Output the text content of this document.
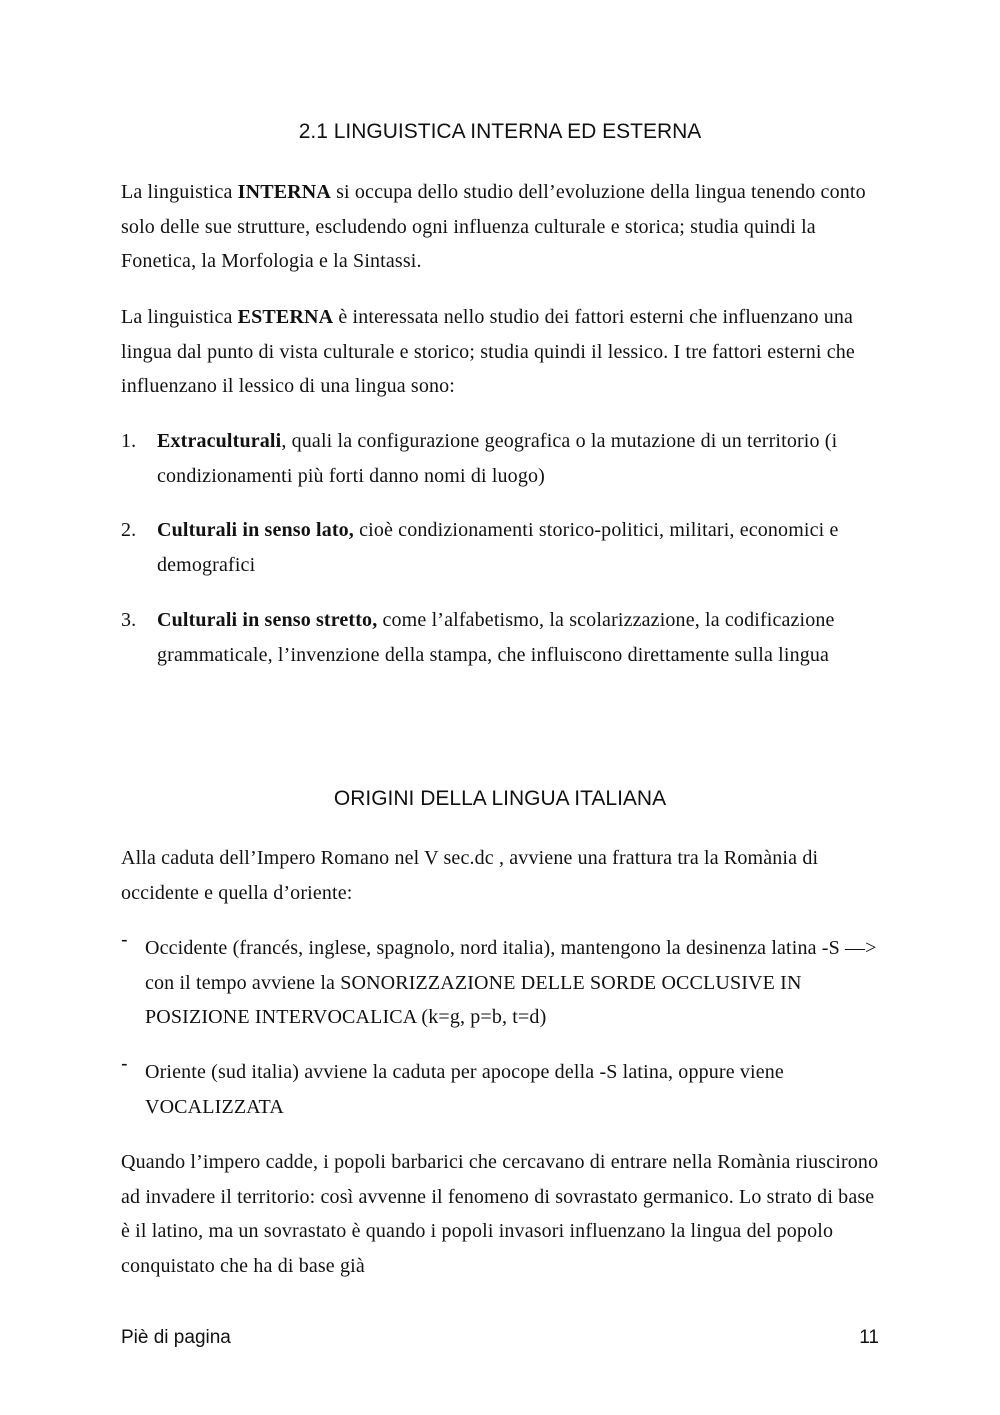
2.1 LINGUISTICA INTERNA ED ESTERNA

La linguistica INTERNA si occupa dello studio dell’evoluzione della lingua tenendo conto solo delle sue strutture, escludendo ogni influenza culturale e storica; studia quindi la Fonetica, la Morfologia e la Sintassi.

La linguistica ESTERNA è interessata nello studio dei fattori esterni che influenzano una lingua dal punto di vista culturale e storico; studia quindi il lessico. I tre fattori esterni che influenzano il lessico di una lingua sono:

1.	Extraculturali, quali la configurazione geografica o la mutazione di un territorio (i condizionamenti più forti danno nomi di luogo)
2.	Culturali in senso lato, cioè condizionamenti storico-politici, militari, economici e demografici
3.	Culturali in senso stretto, come l’alfabetismo, la scolarizzazione, la codificazione grammaticale, l’invenzione della stampa, che influiscono direttamente sulla lingua
ORIGINI DELLA LINGUA ITALIANA

Alla caduta dell’Impero Romano nel V sec.dc , avviene una frattura tra la Romània di occidente e quella d’oriente:

- Occidente (francés, inglese, spagnolo, nord italia), mantengono la desinenza latina -S —> con il tempo avviene la SONORIZZAZIONE DELLE SORDE OCCLUSIVE IN POSIZIONE INTERVOCALICA (k=g, p=b, t=d)
- Oriente (sud italia) avviene la caduta per apocope della -S latina, oppure viene VOCALIZZATA

Quando l’impero cadde, i popoli barbarici che cercavano di entrare nella Romània riuscirono ad invadere il territorio: così avvenne il fenomeno di sovrastato germanico. Lo strato di base è il latino, ma un sovrastato è quando i popoli invasori influenzano la lingua del popolo conquistato che ha di base già

Piè di pagina	11
